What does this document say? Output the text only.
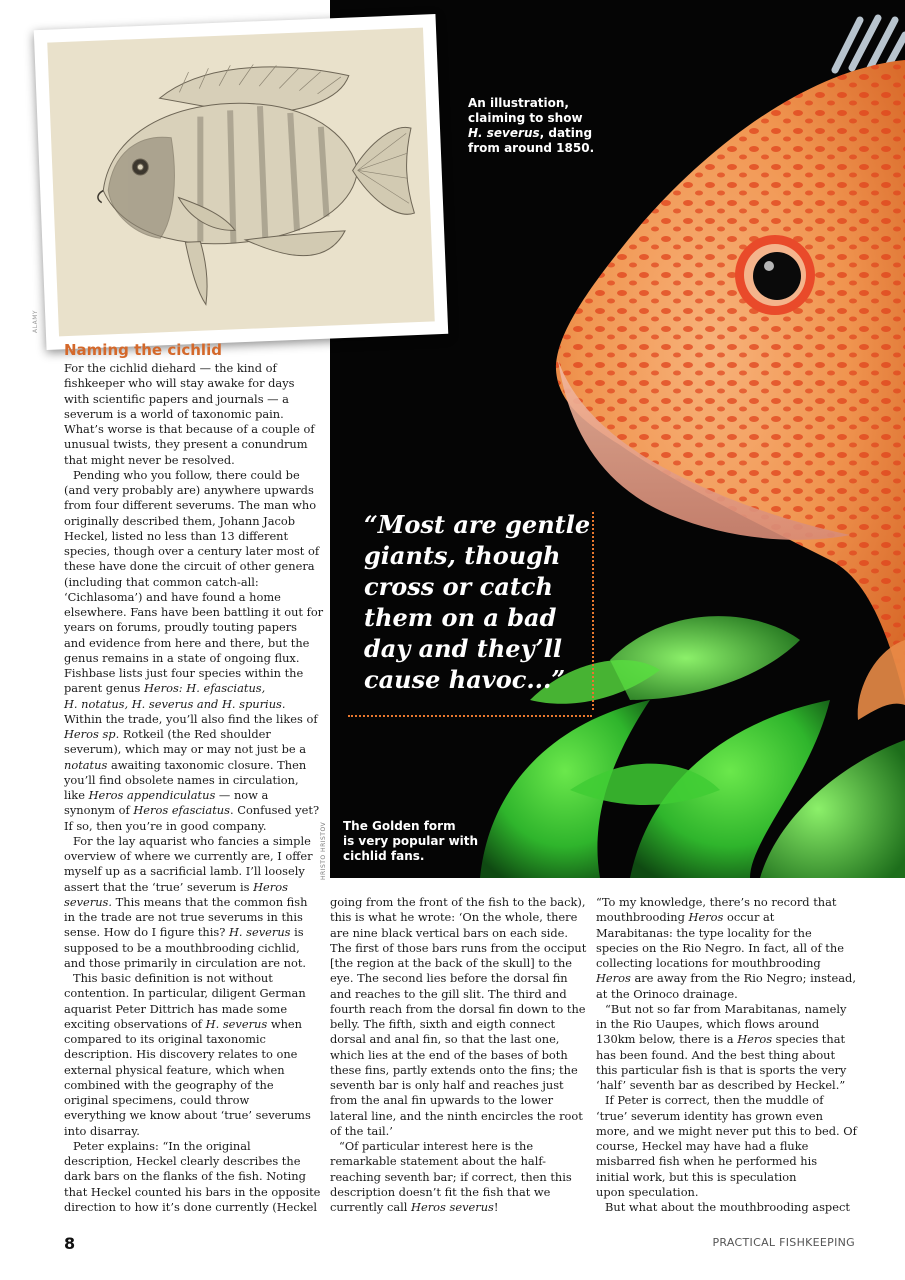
The Golden form
is very popular with
cichlid fans.
HRISTO HRISTOV
ALAMY
An illustration,
claiming to show
H. severus, dating
from around 1850.
“Most are gentle
giants, though
cross or catch
them on a bad
day and they’ll
cause havoc...”
Naming the cichlid
For the cichlid diehard — the kind of
fishkeeper who will stay awake for days
with scientific papers and journals — a
severum is a world of taxonomic pain.
What’s worse is that because of a couple of
unusual twists, they present a conundrum
that might never be resolved.
Pending who you follow, there could be
(and very probably are) anywhere upwards
from four different severums. The man who
originally described them, Johann Jacob
Heckel, listed no less than 13 different
species, though over a century later most of
these have done the circuit of other genera
(including that common catch-all:
‘Cichlasoma’) and have found a home
elsewhere. Fans have been battling it out for
years on forums, proudly touting papers
and evidence from here and there, but the
genus remains in a state of ongoing flux.
Fishbase lists just four species within the
parent genus Heros: H. efasciatus,
H. notatus, H. severus and H. spurius.
Within the trade, you’ll also find the likes of
Heros sp. Rotkeil (the Red shoulder
severum), which may or may not just be a
notatus awaiting taxonomic closure. Then
you’ll find obsolete names in circulation,
like Heros appendiculatus — now a
synonym of Heros efasciatus. Confused yet?
If so, then you’re in good company.
For the lay aquarist who fancies a simple
overview of where we currently are, I offer
myself up as a sacrificial lamb. I’ll loosely
assert that the ‘true’ severum is Heros
severus. This means that the common fish
in the trade are not true severums in this
sense. How do I figure this? H. severus is
supposed to be a mouthbrooding cichlid,
and those primarily in circulation are not.
This basic definition is not without
contention. In particular, diligent German
aquarist Peter Dittrich has made some
exciting observations of H. severus when
compared to its original taxonomic
description. His discovery relates to one
external physical feature, which when
combined with the geography of the
original specimens, could throw
everything we know about ‘true’ severums
into disarray.
Peter explains: “In the original
description, Heckel clearly describes the
dark bars on the flanks of the fish. Noting
that Heckel counted his bars in the opposite
direction to how it’s done currently (Heckel
going from the front of the fish to the back),
this is what he wrote: ‘On the whole, there
are nine black vertical bars on each side.
The first of those bars runs from the occiput
[the region at the back of the skull] to the
eye. The second lies before the dorsal fin
and reaches to the gill slit. The third and
fourth reach from the dorsal fin down to the
belly. The fifth, sixth and eigth connect
dorsal and anal fin, so that the last one,
which lies at the end of the bases of both
these fins, partly extends onto the fins; the
seventh bar is only half and reaches just
from the anal fin upwards to the lower
lateral line, and the ninth encircles the root
of the tail.’
“Of particular interest here is the
remarkable statement about the half-
reaching seventh bar; if correct, then this
description doesn’t fit the fish that we
currently call Heros severus!
“To my knowledge, there’s no record that
mouthbrooding Heros occur at
Marabitanas: the type locality for the
species on the Rio Negro. In fact, all of the
collecting locations for mouthbrooding
Heros are away from the Rio Negro; instead,
at the Orinoco drainage.
“But not so far from Marabitanas, namely
in the Rio Uaupes, which flows around
130km below, there is a Heros species that
has been found. And the best thing about
this particular fish is that is sports the very
‘half’ seventh bar as described by Heckel.”
If Peter is correct, then the muddle of
‘true’ severum identity has grown even
more, and we might never put this to bed. Of
course, Heckel may have had a fluke
misbarred fish when he performed his
initial work, but this is speculation
upon speculation.
But what about the mouthbrooding aspect
8	PRACTICAL FISHKEEPING
